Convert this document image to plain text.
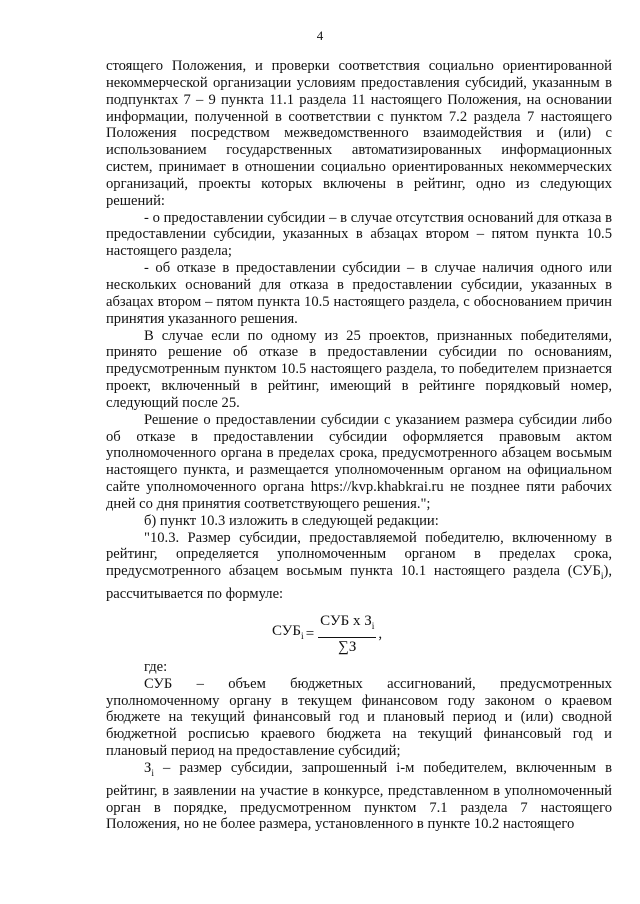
4

стоящего Положения, и проверки соответствия социально ориентированной некоммерческой организации условиям предоставления субсидий, указанным в подпунктах 7 – 9 пункта 11.1 раздела 11 настоящего Положения, на основании информации, полученной в соответствии с пунктом 7.2 раздела 7 настоящего Положения посредством межведомственного взаимодействия и (или) с использованием государственных автоматизированных информационных систем, принимает в отношении социально ориентированных некоммерческих организаций, проекты которых включены в рейтинг, одно из следующих решений:

- о предоставлении субсидии – в случае отсутствия оснований для отказа в предоставлении субсидии, указанных в абзацах втором – пятом пункта 10.5 настоящего раздела;

- об отказе в предоставлении субсидии – в случае наличия одного или нескольких оснований для отказа в предоставлении субсидии, указанных в абзацах втором – пятом пункта 10.5 настоящего раздела, с обоснованием причин принятия указанного решения.

В случае если по одному из 25 проектов, признанных победителями, принято решение об отказе в предоставлении субсидии по основаниям, предусмотренным пунктом 10.5 настоящего раздела, то победителем признается проект, включенный в рейтинг, имеющий в рейтинге порядковый номер, следующий после 25.

Решение о предоставлении субсидии с указанием размера субсидии либо об отказе в предоставлении субсидии оформляется правовым актом уполномоченного органа в пределах срока, предусмотренного абзацем восьмым настоящего пункта, и размещается уполномоченным органом на официальном сайте уполномоченного органа https://kvp.khabkrai.ru не позднее пяти рабочих дней со дня принятия соответствующего решения.";

б) пункт 10.3 изложить в следующей редакции:

"10.3. Размер субсидии, предоставляемой победителю, включенному в рейтинг, определяется уполномоченным органом в пределах срока, предусмотренного абзацем восьмым пункта 10.1 настоящего раздела $(СУБ_i)$, рассчитывается по формуле:

$СУБ_i = \frac{СУБ х З_i}{\sum З}$ ,

где:

СУБ – объем бюджетных ассигнований, предусмотренных уполномоченному органу в текущем финансовом году законом о краевом бюджете на текущий финансовый год и плановый период и (или) сводной бюджетной росписью краевого бюджета на текущий финансовый год и плановый период на предоставление субсидий;

$З_i$ – размер субсидии, запрошенный i-м победителем, включенным в рейтинг, в заявлении на участие в конкурсе, представленном в уполномоченный орган в порядке, предусмотренном пунктом 7.1 раздела 7 настоящего Положения, но не более размера, установленного в пункте 10.2 настоящего
